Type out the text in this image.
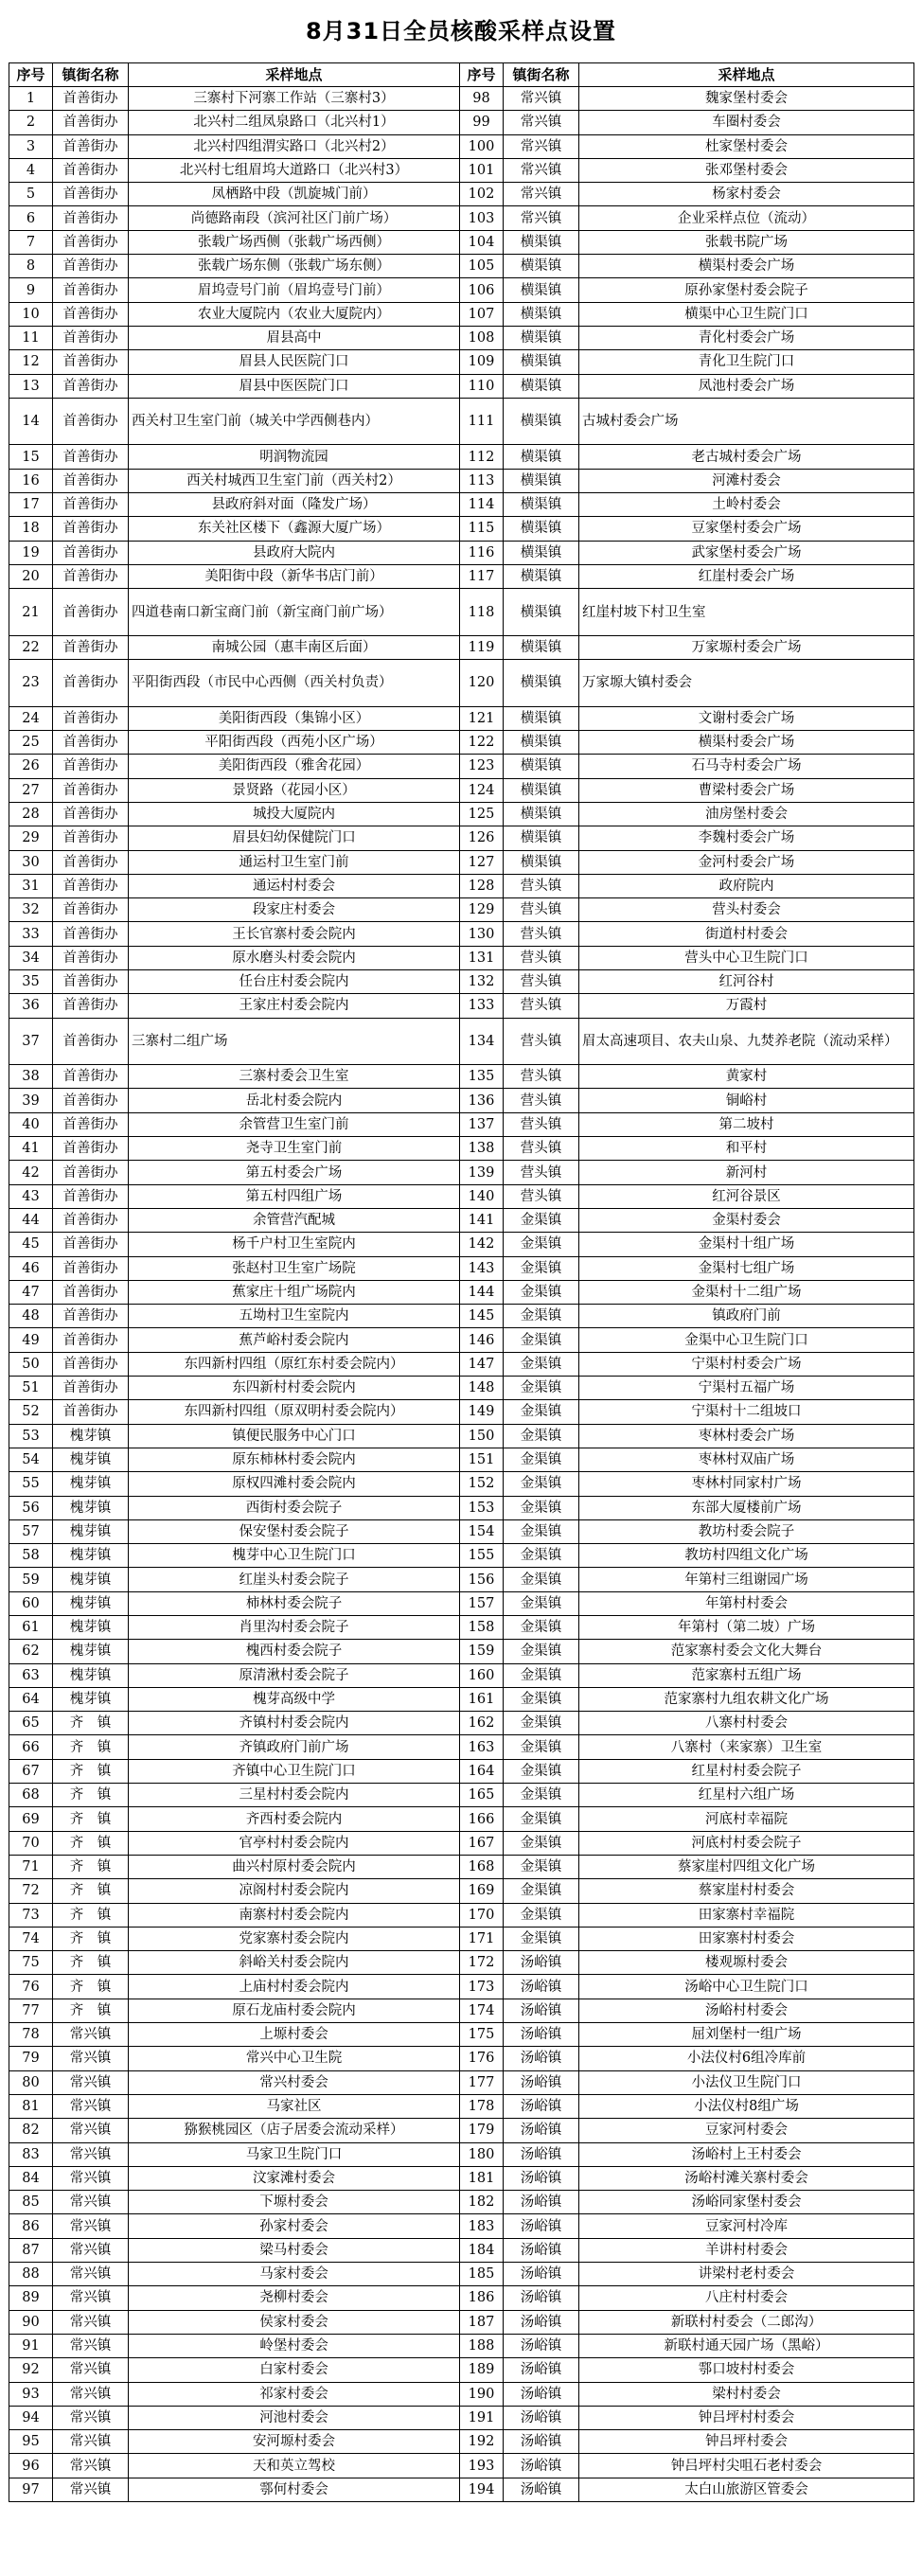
8月31日全员核酸采样点设置
序号	镇街名称	采样地点	序号	镇街名称	采样地点
1	首善街办	三寨村下河寨工作站（三寨村3）	98	常兴镇	魏家堡村委会
2	首善街办	北兴村二组凤泉路口（北兴村1）	99	常兴镇	车圈村委会
3	首善街办	北兴村四组渭实路口（北兴村2）	100	常兴镇	杜家堡村委会
4	首善街办	北兴村七组眉坞大道路口（北兴村3）	101	常兴镇	张邓堡村委会
5	首善街办	凤栖路中段（凯旋城门前）	102	常兴镇	杨家村委会
6	首善街办	尚德路南段（滨河社区门前广场）	103	常兴镇	企业采样点位（流动）
7	首善街办	张载广场西侧（张载广场西侧）	104	横渠镇	张载书院广场
8	首善街办	张载广场东侧（张载广场东侧）	105	横渠镇	横渠村委会广场
9	首善街办	眉坞壹号门前（眉坞壹号门前）	106	横渠镇	原孙家堡村委会院子
10	首善街办	农业大厦院内（农业大厦院内）	107	横渠镇	横渠中心卫生院门口
11	首善街办	眉县高中	108	横渠镇	青化村委会广场
12	首善街办	眉县人民医院门口	109	横渠镇	青化卫生院门口
13	首善街办	眉县中医医院门口	110	横渠镇	凤池村委会广场
14	首善街办	西关村卫生室门前（城关中学西侧巷内）	111	横渠镇	古城村委会广场
15	首善街办	明润物流园	112	横渠镇	老古城村委会广场
16	首善街办	西关村城西卫生室门前（西关村2）	113	横渠镇	河滩村委会
17	首善街办	县政府斜对面（隆发广场）	114	横渠镇	土岭村委会
18	首善街办	东关社区楼下（鑫源大厦广场）	115	横渠镇	豆家堡村委会广场
19	首善街办	县政府大院内	116	横渠镇	武家堡村委会广场
20	首善街办	美阳街中段（新华书店门前）	117	横渠镇	红崖村委会广场
21	首善街办	四道巷南口新宝商门前（新宝商门前广场）	118	横渠镇	红崖村坡下村卫生室
22	首善街办	南城公园（惠丰南区后面）	119	横渠镇	万家塬村委会广场
23	首善街办	平阳街西段（市民中心西侧（西关村负责）	120	横渠镇	万家塬大镇村委会
24	首善街办	美阳街西段（集锦小区）	121	横渠镇	文谢村委会广场
25	首善街办	平阳街西段（西苑小区广场）	122	横渠镇	横渠村委会广场
26	首善街办	美阳街西段（雅舍花园）	123	横渠镇	石马寺村委会广场
27	首善街办	景贤路（花园小区）	124	横渠镇	曹梁村委会广场
28	首善街办	城投大厦院内	125	横渠镇	油房堡村委会
29	首善街办	眉县妇幼保健院门口	126	横渠镇	李魏村委会广场
30	首善街办	通运村卫生室门前	127	横渠镇	金河村委会广场
31	首善街办	通运村村委会	128	营头镇	政府院内
32	首善街办	段家庄村委会	129	营头镇	营头村委会
33	首善街办	王长官寨村委会院内	130	营头镇	街道村村委会
34	首善街办	原水磨头村委会院内	131	营头镇	营头中心卫生院门口
35	首善街办	任台庄村委会院内	132	营头镇	红河谷村
36	首善街办	王家庄村委会院内	133	营头镇	万霞村
37	首善街办	三寨村二组广场	134	营头镇	眉太高速项目、农夫山泉、九焚养老院（流动采样）
38	首善街办	三寨村委会卫生室	135	营头镇	黄家村
39	首善街办	岳北村委会院内	136	营头镇	铜峪村
40	首善街办	余管营卫生室门前	137	营头镇	第二坡村
41	首善街办	尧寺卫生室门前	138	营头镇	和平村
42	首善街办	第五村委会广场	139	营头镇	新河村
43	首善街办	第五村四组广场	140	营头镇	红河谷景区
44	首善街办	余管营汽配城	141	金渠镇	金渠村委会
45	首善街办	杨千户村卫生室院内	142	金渠镇	金渠村十组广场
46	首善街办	张赵村卫生室广场院	143	金渠镇	金渠村七组广场
47	首善街办	蕉家庄十组广场院内	144	金渠镇	金渠村十二组广场
48	首善街办	五坳村卫生室院内	145	金渠镇	镇政府门前
49	首善街办	蕉芦峪村委会院内	146	金渠镇	金渠中心卫生院门口
50	首善街办	东四新村四组（原红东村委会院内）	147	金渠镇	宁渠村村委会广场
51	首善街办	东四新村村委会院内	148	金渠镇	宁渠村五福广场
52	首善街办	东四新村四组（原双明村委会院内）	149	金渠镇	宁渠村十二组坡口
53	槐芽镇	镇便民服务中心门口	150	金渠镇	枣林村委会广场
54	槐芽镇	原东柿林村委会院内	151	金渠镇	枣林村双庙广场
55	槐芽镇	原权四滩村委会院内	152	金渠镇	枣林村同家村广场
56	槐芽镇	西街村委会院子	153	金渠镇	东部大厦楼前广场
57	槐芽镇	保安堡村委会院子	154	金渠镇	教坊村委会院子
58	槐芽镇	槐芽中心卫生院门口	155	金渠镇	教坊村四组文化广场
59	槐芽镇	红崖头村委会院子	156	金渠镇	年第村三组谢园广场
60	槐芽镇	柿林村委会院子	157	金渠镇	年第村村委会
61	槐芽镇	肖里沟村委会院子	158	金渠镇	年第村（第二坡）广场
62	槐芽镇	槐西村委会院子	159	金渠镇	范家寨村委会文化大舞台
63	槐芽镇	原清湫村委会院子	160	金渠镇	范家寨村五组广场
64	槐芽镇	槐芽高级中学	161	金渠镇	范家寨村九组农耕文化广场
65	齐　镇	齐镇村村委会院内	162	金渠镇	八寨村村委会
66	齐　镇	齐镇政府门前广场	163	金渠镇	八寨村（来家寨）卫生室
67	齐　镇	齐镇中心卫生院门口	164	金渠镇	红星村村委会院子
68	齐　镇	三星村村委会院内	165	金渠镇	红星村六组广场
69	齐　镇	齐西村委会院内	166	金渠镇	河底村幸福院
70	齐　镇	官亭村村委会院内	167	金渠镇	河底村村委会院子
71	齐　镇	曲兴村原村委会院内	168	金渠镇	蔡家崖村四组文化广场
72	齐　镇	凉阁村村委会院内	169	金渠镇	蔡家崖村村委会
73	齐　镇	南寨村村委会院内	170	金渠镇	田家寨村幸福院
74	齐　镇	党家寨村委会院内	171	金渠镇	田家寨村村委会
75	齐　镇	斜峪关村委会院内	172	汤峪镇	楼观塬村委会
76	齐　镇	上庙村村委会院内	173	汤峪镇	汤峪中心卫生院门口
77	齐　镇	原石龙庙村委会院内	174	汤峪镇	汤峪村村委会
78	常兴镇	上塬村委会	175	汤峪镇	屈刘堡村一组广场
79	常兴镇	常兴中心卫生院	176	汤峪镇	小法仪村6组冷库前
80	常兴镇	常兴村委会	177	汤峪镇	小法仪卫生院门口
81	常兴镇	马家社区	178	汤峪镇	小法仪村8组广场
82	常兴镇	猕猴桃园区（店子居委会流动采样）	179	汤峪镇	豆家河村委会
83	常兴镇	马家卫生院门口	180	汤峪镇	汤峪村上王村委会
84	常兴镇	汶家滩村委会	181	汤峪镇	汤峪村滩关寨村委会
85	常兴镇	下塬村委会	182	汤峪镇	汤峪同家堡村委会
86	常兴镇	孙家村委会	183	汤峪镇	豆家河村冷库
87	常兴镇	梁马村委会	184	汤峪镇	羊讲村村委会
88	常兴镇	马家村委会	185	汤峪镇	讲梁村老村委会
89	常兴镇	尧柳村委会	186	汤峪镇	八庄村村委会
90	常兴镇	侯家村委会	187	汤峪镇	新联村村委会（二郎沟）
91	常兴镇	岭堡村委会	188	汤峪镇	新联村通天园广场（黑峪）
92	常兴镇	白家村委会	189	汤峪镇	鄠口坡村村委会
93	常兴镇	祁家村委会	190	汤峪镇	梁村村委会
94	常兴镇	河池村委会	191	汤峪镇	钟吕坪村村委会
95	常兴镇	安河塬村委会	192	汤峪镇	钟吕坪村委会
96	常兴镇	天和英立驾校	193	汤峪镇	钟吕坪村尖咀石老村委会
97	常兴镇	鄠何村委会	194	汤峪镇	太白山旅游区管委会
